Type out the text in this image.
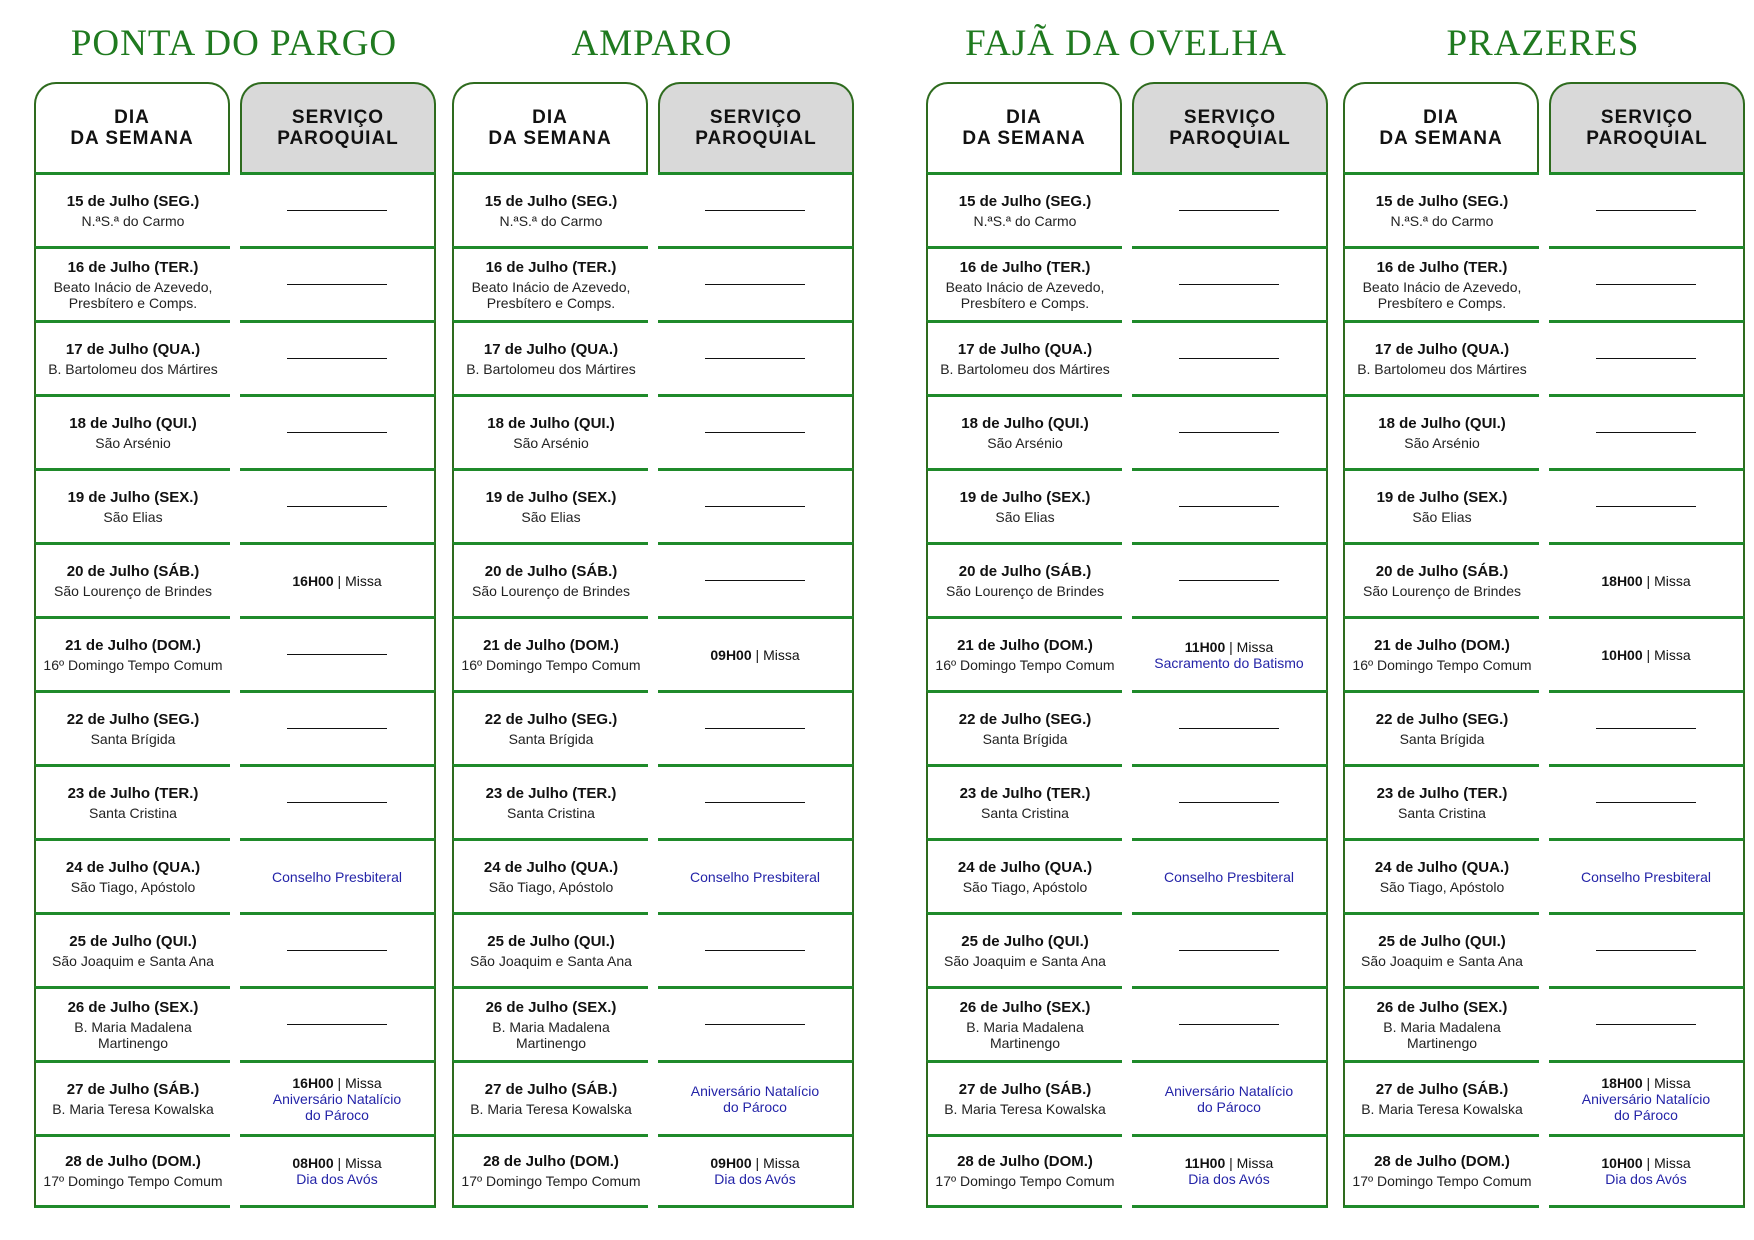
PONTA DO PARGO
DIA
DA SEMANA
15 de Julho (SEG.)
N.ªS.ª do Carmo
16 de Julho (TER.)
Beato Inácio de Azevedo,
Presbítero e Comps.
17 de Julho (QUA.)
B. Bartolomeu dos Mártires
18 de Julho (QUI.)
São Arsénio
19 de Julho (SEX.)
São Elias
20 de Julho (SÁB.)
São Lourenço de Brindes
21 de Julho (DOM.)
16º Domingo Tempo Comum
22 de Julho (SEG.)
Santa Brígida
23 de Julho (TER.)
Santa Cristina
24 de Julho (QUA.)
São Tiago, Apóstolo
25 de Julho (QUI.)
São Joaquim e Santa Ana
26 de Julho (SEX.)
B. Maria Madalena
Martinengo
27 de Julho (SÁB.)
B. Maria Teresa Kowalska
28 de Julho (DOM.)
17º Domingo Tempo Comum
SERVIÇO
PAROQUIAL
16H00 | Missa
Conselho Presbiteral
16H00 | Missa
Aniversário Natalício
do Pároco
08H00 | Missa
Dia dos Avós
AMPARO
DIA
DA SEMANA
15 de Julho (SEG.)
N.ªS.ª do Carmo
16 de Julho (TER.)
Beato Inácio de Azevedo,
Presbítero e Comps.
17 de Julho (QUA.)
B. Bartolomeu dos Mártires
18 de Julho (QUI.)
São Arsénio
19 de Julho (SEX.)
São Elias
20 de Julho (SÁB.)
São Lourenço de Brindes
21 de Julho (DOM.)
16º Domingo Tempo Comum
22 de Julho (SEG.)
Santa Brígida
23 de Julho (TER.)
Santa Cristina
24 de Julho (QUA.)
São Tiago, Apóstolo
25 de Julho (QUI.)
São Joaquim e Santa Ana
26 de Julho (SEX.)
B. Maria Madalena
Martinengo
27 de Julho (SÁB.)
B. Maria Teresa Kowalska
28 de Julho (DOM.)
17º Domingo Tempo Comum
SERVIÇO
PAROQUIAL
09H00 | Missa
Conselho Presbiteral
Aniversário Natalício
do Pároco
09H00 | Missa
Dia dos Avós
FAJÃ DA OVELHA
DIA
DA SEMANA
15 de Julho (SEG.)
N.ªS.ª do Carmo
16 de Julho (TER.)
Beato Inácio de Azevedo,
Presbítero e Comps.
17 de Julho (QUA.)
B. Bartolomeu dos Mártires
18 de Julho (QUI.)
São Arsénio
19 de Julho (SEX.)
São Elias
20 de Julho (SÁB.)
São Lourenço de Brindes
21 de Julho (DOM.)
16º Domingo Tempo Comum
22 de Julho (SEG.)
Santa Brígida
23 de Julho (TER.)
Santa Cristina
24 de Julho (QUA.)
São Tiago, Apóstolo
25 de Julho (QUI.)
São Joaquim e Santa Ana
26 de Julho (SEX.)
B. Maria Madalena
Martinengo
27 de Julho (SÁB.)
B. Maria Teresa Kowalska
28 de Julho (DOM.)
17º Domingo Tempo Comum
SERVIÇO
PAROQUIAL
11H00 | Missa
Sacramento do Batismo
Conselho Presbiteral
Aniversário Natalício
do Pároco
11H00 | Missa
Dia dos Avós
PRAZERES
DIA
DA SEMANA
15 de Julho (SEG.)
N.ªS.ª do Carmo
16 de Julho (TER.)
Beato Inácio de Azevedo,
Presbítero e Comps.
17 de Julho (QUA.)
B. Bartolomeu dos Mártires
18 de Julho (QUI.)
São Arsénio
19 de Julho (SEX.)
São Elias
20 de Julho (SÁB.)
São Lourenço de Brindes
21 de Julho (DOM.)
16º Domingo Tempo Comum
22 de Julho (SEG.)
Santa Brígida
23 de Julho (TER.)
Santa Cristina
24 de Julho (QUA.)
São Tiago, Apóstolo
25 de Julho (QUI.)
São Joaquim e Santa Ana
26 de Julho (SEX.)
B. Maria Madalena
Martinengo
27 de Julho (SÁB.)
B. Maria Teresa Kowalska
28 de Julho (DOM.)
17º Domingo Tempo Comum
SERVIÇO
PAROQUIAL
18H00 | Missa
10H00 | Missa
Conselho Presbiteral
18H00 | Missa
Aniversário Natalício
do Pároco
10H00 | Missa
Dia dos Avós
